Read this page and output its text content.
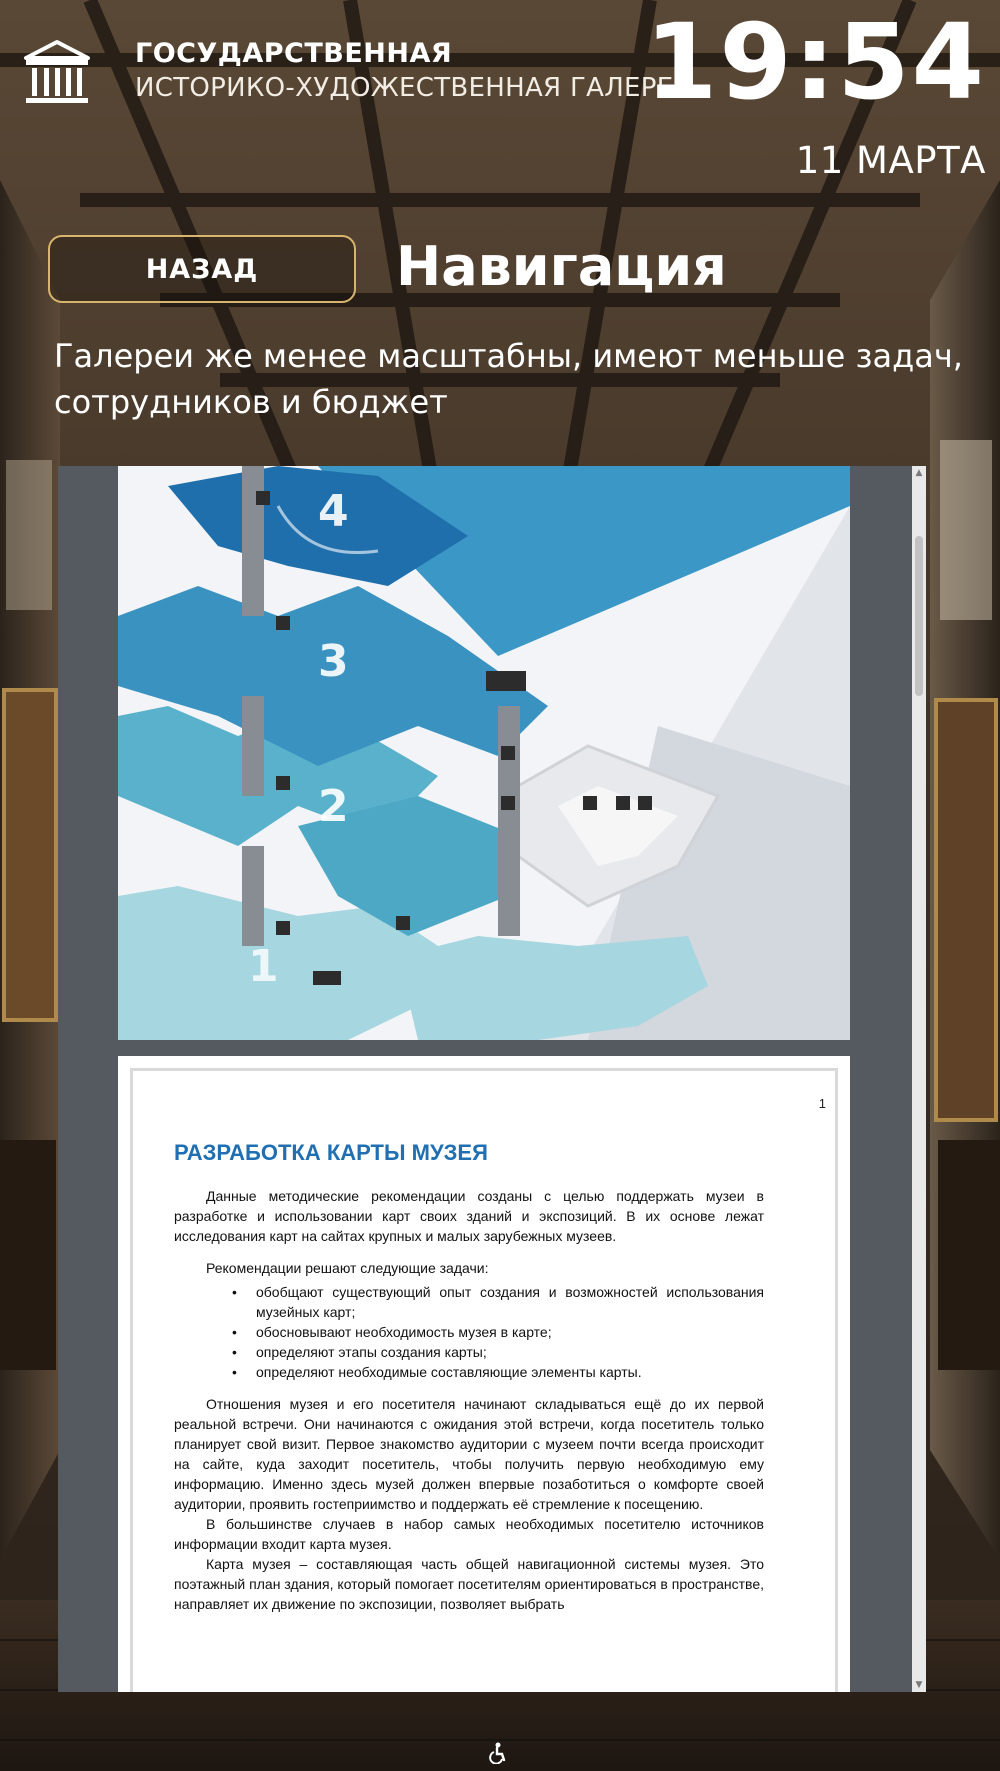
ГОСУДАРСТВЕННАЯ
ИСТОРИКО-ХУДОЖЕСТВЕННАЯ ГАЛЕРЕЯ
19:54
11 МАРТА
НАЗАД	Навигация
Галереи же менее масштабны, имеют меньше задач, сотрудников и бюджет
4
3
2
1
1
РАЗРАБОТКА КАРТЫ МУЗЕЯ

Данные методические рекомендации созданы с целью поддержать музеи в разработке и использовании карт своих зданий и экспозиций. В их основе лежат исследования карт на сайтах крупных и малых зарубежных музеев.

Рекомендации решают следующие задачи:

• обобщают существующий опыт создания и возможностей использования музейных карт;
• обосновывают необходимость музея в карте;
• определяют этапы создания карты;
• определяют необходимые составляющие элементы карты.

Отношения музея и его посетителя начинают складываться ещё до их первой реальной встречи. Они начинаются с ожидания этой встречи, когда посетитель только планирует свой визит. Первое знакомство аудитории с музеем почти всегда происходит на сайте, куда заходит посетитель, чтобы получить первую необходимую ему информацию. Именно здесь музей должен впервые позаботиться о комфорте своей аудитории, проявить гостеприимство и поддержать её стремление к посещению.

В большинстве случаев в набор самых необходимых посетителю источников информации входит карта музея.

Карта музея – составляющая часть общей навигационной системы музея. Это поэтажный план здания, который помогает посетителям ориентироваться в пространстве, направляет их движение по экспозиции, позволяет выбрать

▲
▼
